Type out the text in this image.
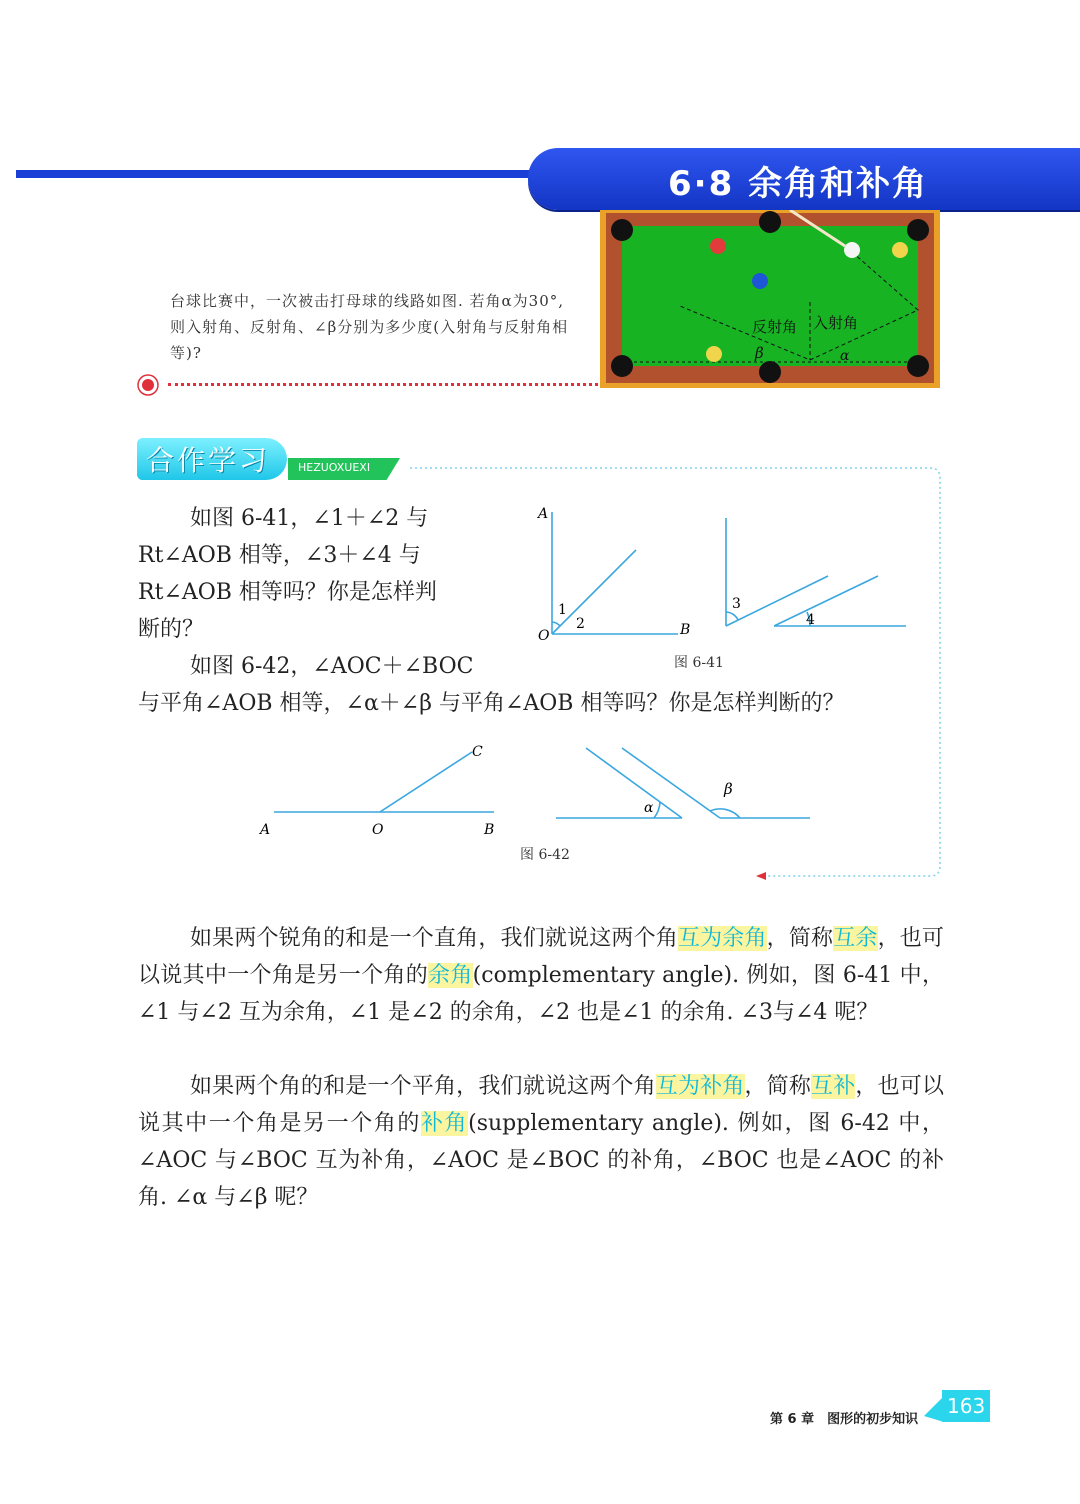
6·8 余角和补角
反射角 入射角
β	α
台球比赛中，一次被击打母球的线路如图. 若角α为30°,则入射角、反射角、∠β分别为多少度(入射角与反射角相等)?
HEZUOXUEXI
合作学习
如图 6-41，∠1＋∠2 与
Rt∠AOB 相等，∠3＋∠4 与
Rt∠AOB 相等吗？你是怎样判
断的？
如图 6-42，∠AOC＋∠BOC
与平角∠AOB 相等，∠α＋∠β 与平角∠AOB 相等吗？你是怎样判断的？
A
O	B
1
2
3
4
图 6-41
A	O	B
C
α
β
图 6-42
如果两个锐角的和是一个直角，我们就说这两个角互为余角，简称互余，也可以说其中一个角是另一个角的余角(complementary angle). 例如，图 6-41 中，∠1 与∠2 互为余角，∠1 是∠2 的余角，∠2 也是∠1 的余角. ∠3与∠4 呢？
如果两个角的和是一个平角，我们就说这两个角互为补角，简称互补，也可以说其中一个角是另一个角的补角(supplementary angle). 例如，图 6-42 中，∠AOC 与∠BOC 互为补角，∠AOC 是∠BOC 的补角，∠BOC 也是∠AOC 的补角. ∠α 与∠β 呢？
第 6 章　图形的初步知识
163
